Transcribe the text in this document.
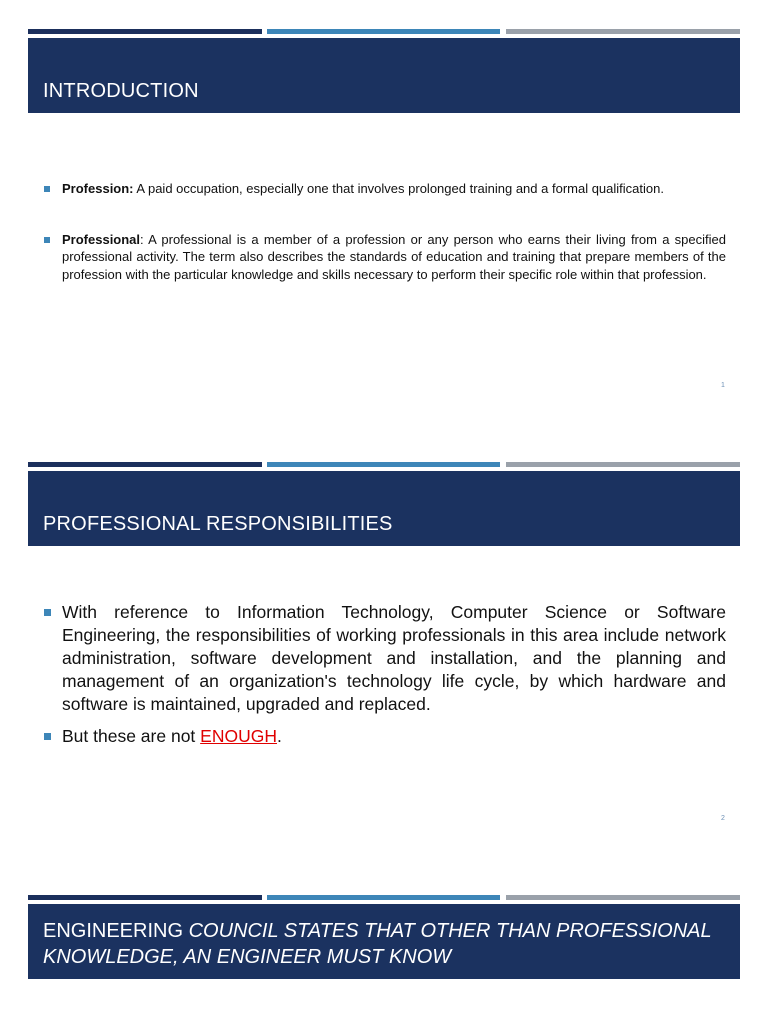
INTRODUCTION
Profession: A paid occupation, especially one that involves prolonged training and a formal qualification.
Professional: A professional is a member of a profession or any person who earns their living from a specified professional activity. The term also describes the standards of education and training that prepare members of the profession with the particular knowledge and skills necessary to perform their specific role within that profession.
1
PROFESSIONAL RESPONSIBILITIES
With reference to Information Technology, Computer Science or Software Engineering, the responsibilities of working professionals in this area include network administration, software development and installation, and the planning and management of an organization's technology life cycle, by which hardware and software is maintained, upgraded and replaced.
But these are not ENOUGH.
2
ENGINEERING COUNCIL STATES THAT OTHER THAN PROFESSIONAL
KNOWLEDGE, AN ENGINEER MUST KNOW
